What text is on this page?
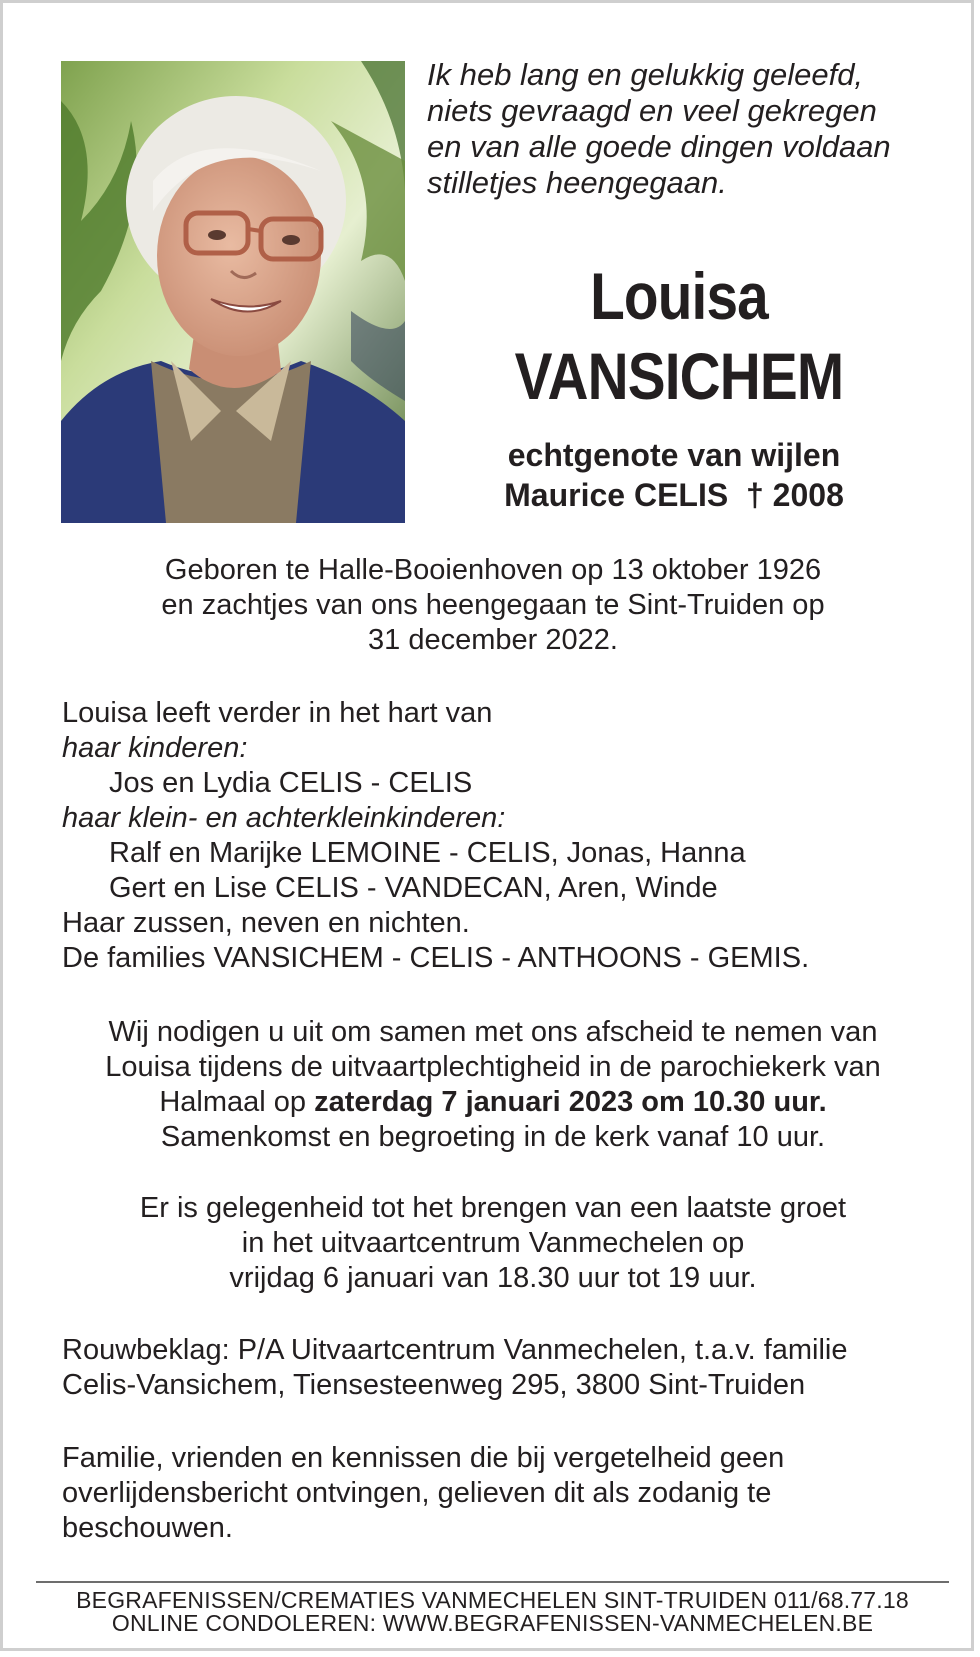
Ik heb lang en gelukkig geleefd,
niets gevraagd en veel gekregen
en van alle goede dingen voldaan
stilletjes heengegaan.
Louisa
VANSICHEM
echtgenote van wijlen
Maurice CELIS  † 2008
Geboren te Halle-Booienhoven op 13 oktober 1926
en zachtjes van ons heengegaan te Sint-Truiden op
31 december 2022.
Louisa leeft verder in het hart van
haar kinderen:
Jos en Lydia CELIS - CELIS
haar klein- en achterkleinkinderen:
Ralf en Marijke LEMOINE - CELIS, Jonas, Hanna
Gert en Lise CELIS - VANDECAN, Aren, Winde
Haar zussen, neven en nichten.
De families VANSICHEM - CELIS - ANTHOONS - GEMIS.
Wij nodigen u uit om samen met ons afscheid te nemen van
Louisa tijdens de uitvaartplechtigheid in de parochiekerk van
Halmaal op zaterdag 7 januari 2023 om 10.30 uur.
Samenkomst en begroeting in de kerk vanaf 10 uur.
Er is gelegenheid tot het brengen van een laatste groet
in het uitvaartcentrum Vanmechelen op
vrijdag 6 januari van 18.30 uur tot 19 uur.
Rouwbeklag: P/A Uitvaartcentrum Vanmechelen, t.a.v. familie
Celis-Vansichem, Tiensesteenweg 295, 3800 Sint-Truiden
Familie, vrienden en kennissen die bij vergetelheid geen
overlijdensbericht ontvingen, gelieven dit als zodanig te
beschouwen.
BEGRAFENISSEN/CREMATIES VANMECHELEN SINT-TRUIDEN 011/68.77.18
ONLINE CONDOLEREN: WWW.BEGRAFENISSEN-VANMECHELEN.BE
